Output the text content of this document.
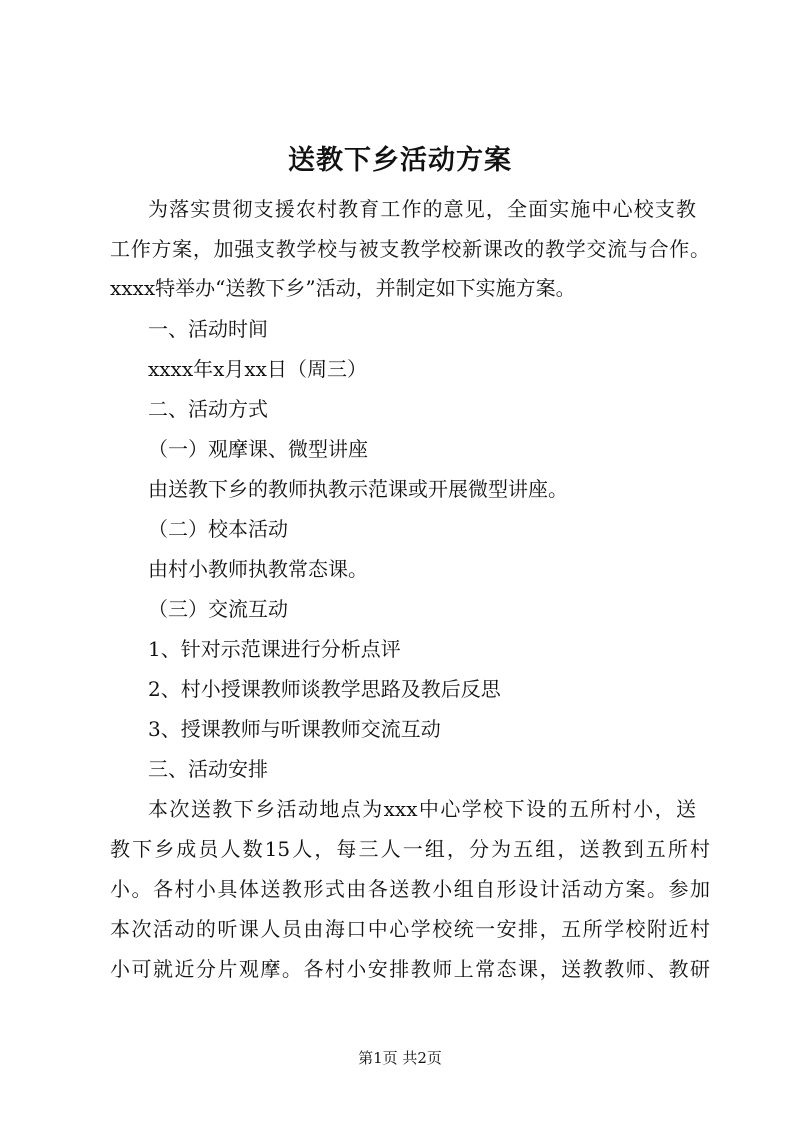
送教下乡活动方案
为落实贯彻支援农村教育工作的意见，全面实施中心校支教
工作方案，加强支教学校与被支教学校新课改的教学交流与合作。
xxxx特举办“送教下乡”活动，并制定如下实施方案。
一、活动时间
xxxx年x月xx日（周三）
二、活动方式
（一）观摩课、微型讲座
由送教下乡的教师执教示范课或开展微型讲座。
（二）校本活动
由村小教师执教常态课。
（三）交流互动
1、针对示范课进行分析点评
2、村小授课教师谈教学思路及教后反思
3、授课教师与听课教师交流互动
三、活动安排
本次送教下乡活动地点为xxx中心学校下设的五所村小，送
教下乡成员人数15人，每三人一组，分为五组，送教到五所村
小。各村小具体送教形式由各送教小组自形设计活动方案。参加
本次活动的听课人员由海口中心学校统一安排，五所学校附近村
小可就近分片观摩。各村小安排教师上常态课，送教教师、教研
第1页 共2页
